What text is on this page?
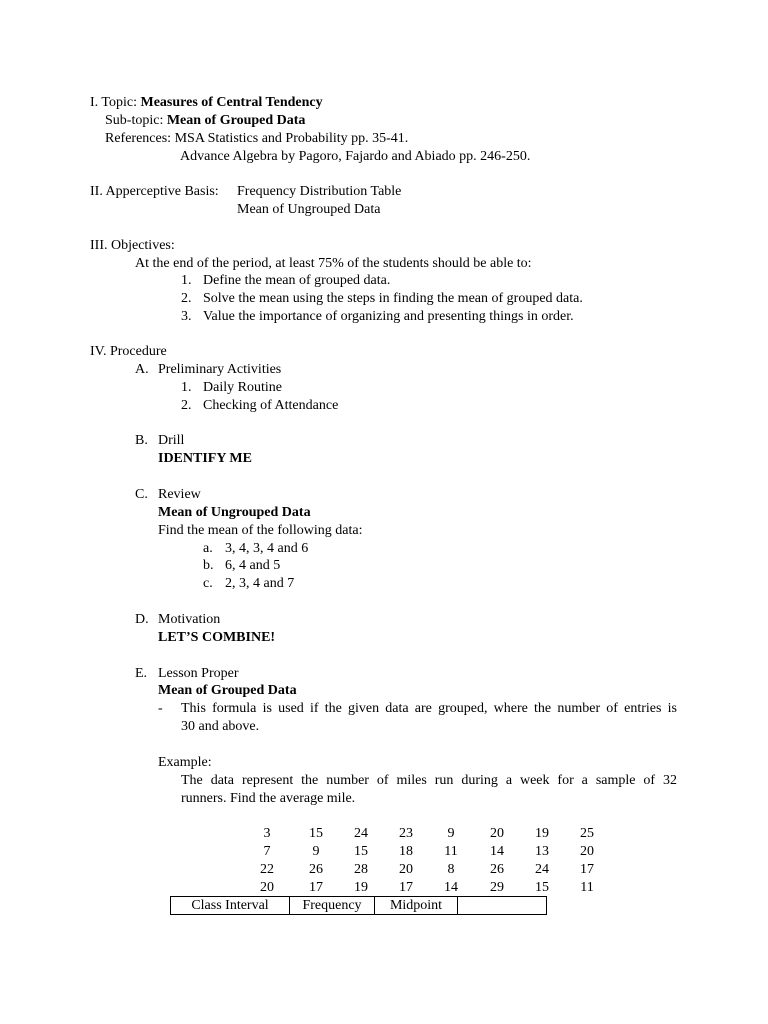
I. Topic: Measures of Central Tendency
Sub-topic: Mean of Grouped Data
References: MSA Statistics and Probability pp. 35-41.
Advance Algebra by Pagoro, Fajardo and Abiado pp. 246-250.
II. Apperceptive Basis: Frequency Distribution Table
Mean of Ungrouped Data
III. Objectives:
At the end of the period, at least 75% of the students should be able to:
1. Define the mean of grouped data.
2. Solve the mean using the steps in finding the mean of grouped data.
3. Value the importance of organizing and presenting things in order.
IV. Procedure
A. Preliminary Activities
1. Daily Routine
2. Checking of Attendance
B. Drill
IDENTIFY ME
C. Review
Mean of Ungrouped Data
Find the mean of the following data:
a. 3, 4, 3, 4 and 6
b. 6, 4 and 5
c. 2, 3, 4 and 7
D. Motivation
LET’S COMBINE!
E. Lesson Proper
Mean of Grouped Data
- This formula is used if the given data are grouped, where the number of entries is
30 and above.
Example:
The data represent the number of miles run during a week for a sample of 32
runners. Find the average mile.
3	15	24	23	9	20	19	25
7	9	15	18	11	14	13	20
22	26	28	20	8	26	24	17
20	17	19	17	14	29	15	11
Class Interval	Frequency	Midpoint	
